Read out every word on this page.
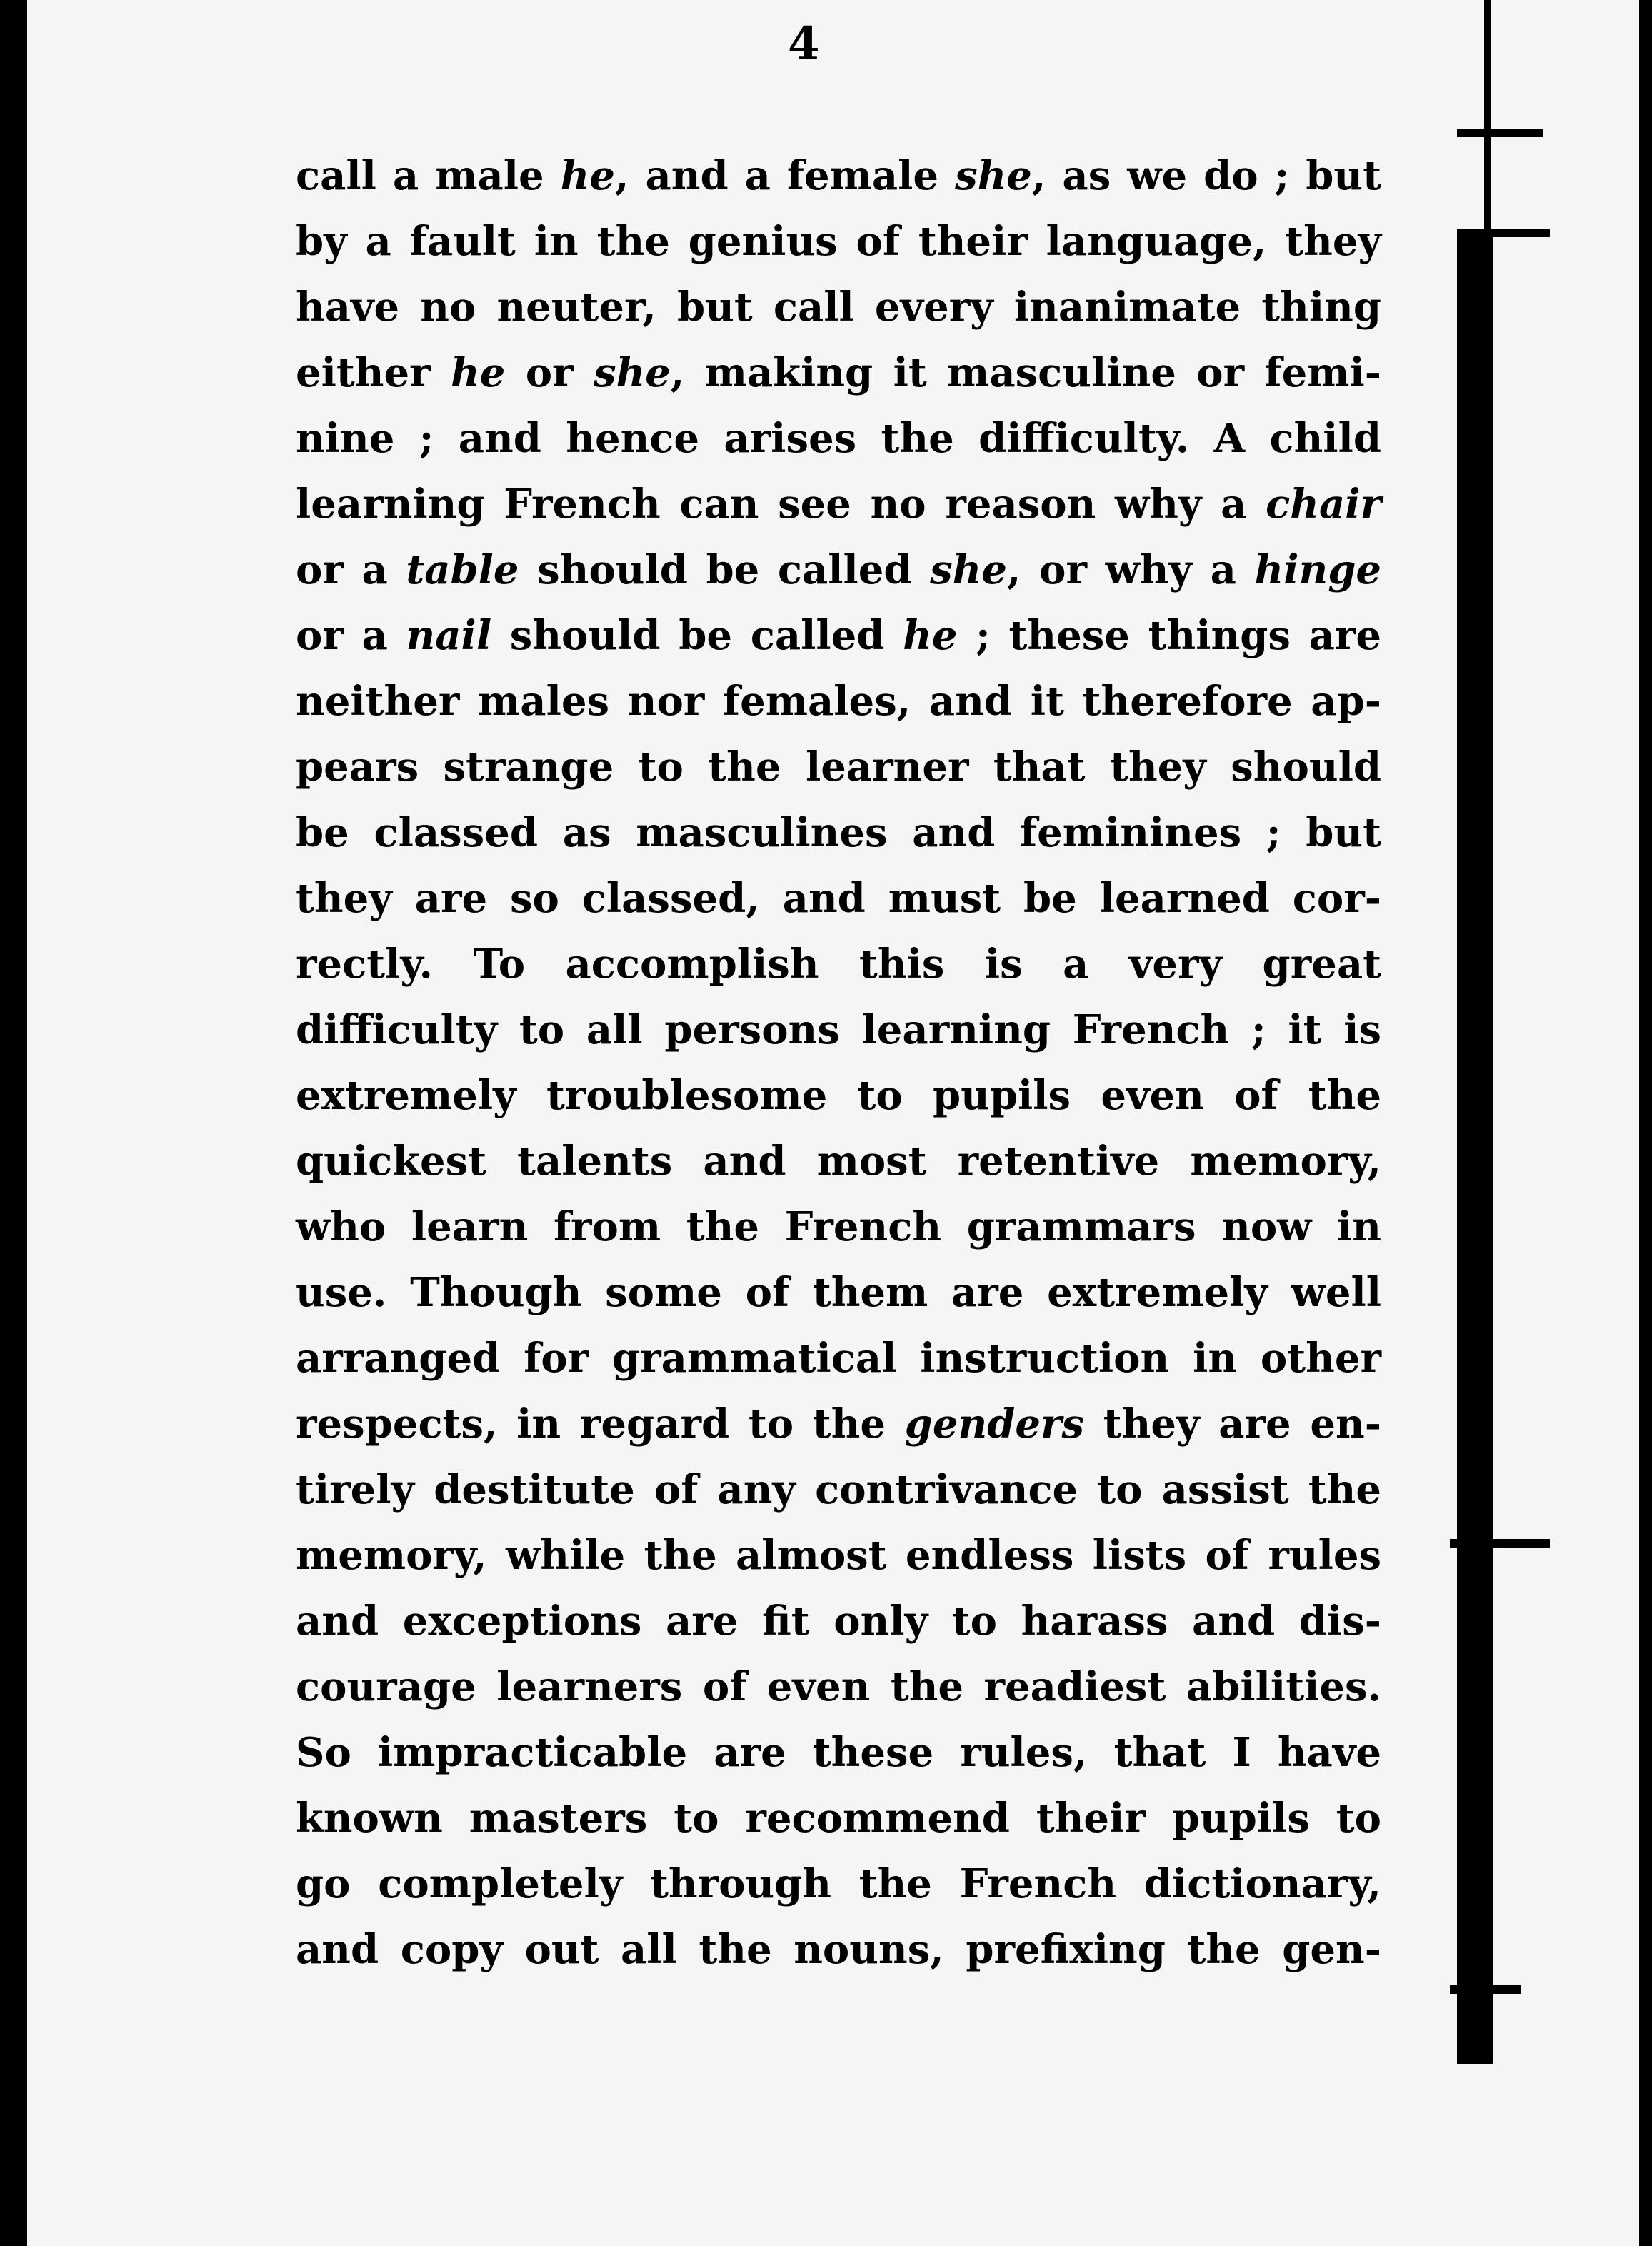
4
call a male he, and a female she, as we do ; but
by a fault in the genius of their language, they
have no neuter, but call every inanimate thing
either he or she, making it masculine or femi-
nine ; and hence arises the difficulty. A child
learning French can see no reason why a chair
or a table should be called she, or why a hinge
or a nail should be called he ; these things are
neither males nor females, and it therefore ap-
pears strange to the learner that they should
be classed as masculines and feminines ; but
they are so classed, and must be learned cor-
rectly. To accomplish this is a very great
difficulty to all persons learning French ; it is
extremely troublesome to pupils even of the
quickest talents and most retentive memory,
who learn from the French grammars now in
use. Though some of them are extremely well
arranged for grammatical instruction in other
respects, in regard to the genders they are en-
tirely destitute of any contrivance to assist the
memory, while the almost endless lists of rules
and exceptions are fit only to harass and dis-
courage learners of even the readiest abilities.
So impracticable are these rules, that I have
known masters to recommend their pupils to
go completely through the French dictionary,
and copy out all the nouns, prefixing the gen-
